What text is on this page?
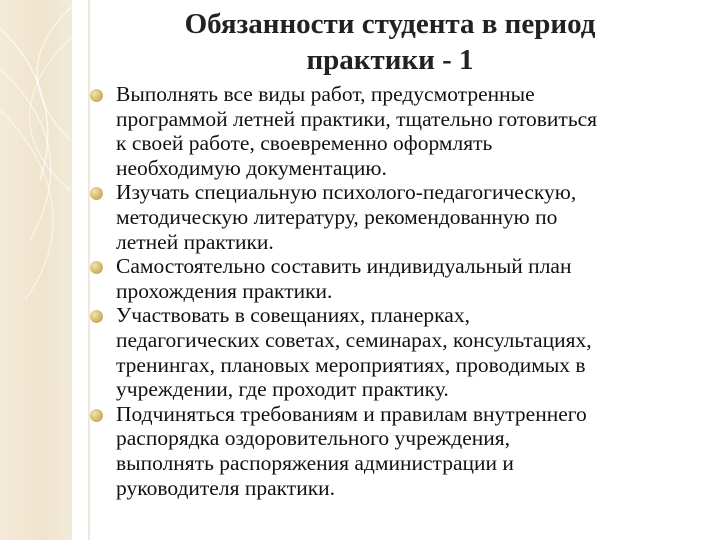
Обязанности студента в период
практики - 1
Выполнять все виды работ, предусмотренные
программой летней практики, тщательно готовиться
к своей работе, своевременно оформлять
необходимую документацию.
Изучать специальную психолого-педагогическую,
методическую литературу, рекомендованную по
летней практики.
Самостоятельно составить индивидуальный план
прохождения практики.
Участвовать в совещаниях, планерках,
педагогических советах, семинарах, консультациях,
тренингах, плановых мероприятиях, проводимых в
учреждении, где проходит практику.
Подчиняться требованиям и правилам внутреннего
распорядка оздоровительного учреждения,
выполнять распоряжения администрации и
руководителя практики.
